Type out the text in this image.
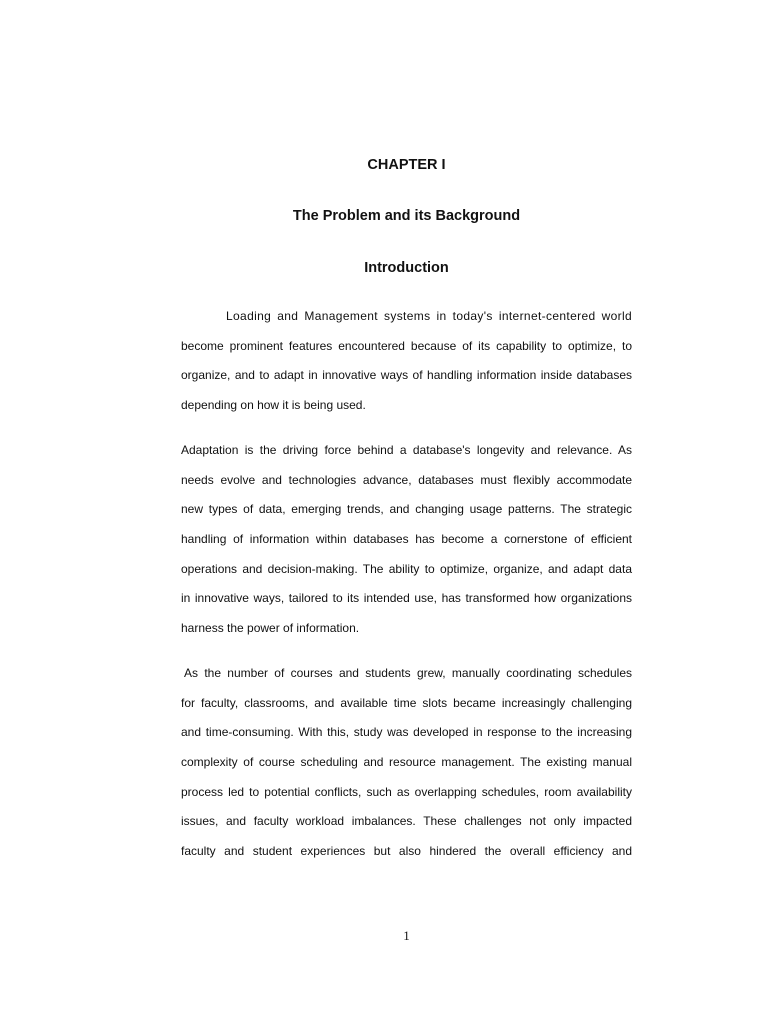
CHAPTER I
The Problem and its Background
Introduction

Loading and Management systems in today's internet-centered world
become prominent features encountered because of its capability to optimize, to
organize, and to adapt in innovative ways of handling information inside databases
depending on how it is being used.

Adaptation is the driving force behind a database's longevity and relevance. As
needs evolve and technologies advance, databases must flexibly accommodate
new types of data, emerging trends, and changing usage patterns. The strategic
handling of information within databases has become a cornerstone of efficient
operations and decision-making. The ability to optimize, organize, and adapt data
in innovative ways, tailored to its intended use, has transformed how organizations
harness the power of information.

As the number of courses and students grew, manually coordinating schedules
for faculty, classrooms, and available time slots became increasingly challenging
and time-consuming. With this, study was developed in response to the increasing
complexity of course scheduling and resource management. The existing manual
process led to potential conflicts, such as overlapping schedules, room availability
issues, and faculty workload imbalances. These challenges not only impacted
faculty and student experiences but also hindered the overall efficiency and

1
